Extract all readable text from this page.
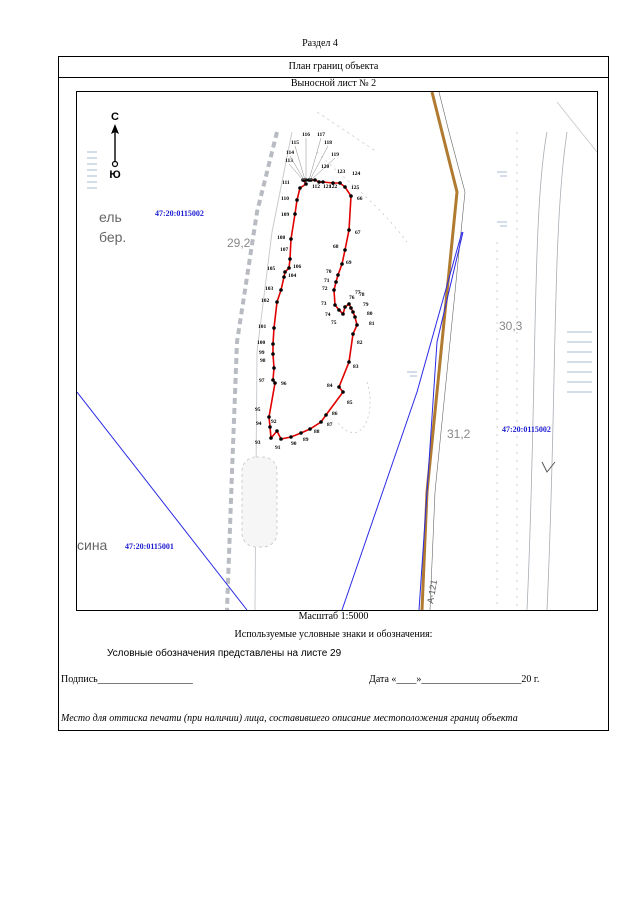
Раздел 4
План границ объекта
Выносной лист № 2
66
67
68
69
70
71
72
73
74
75
76
77
78
79
80
81
82
83
84
85
86
87
88
89
90
91
92
93
94
95
96
97
98
99
100
101
102
103
104
105	106
107
108
109
110
111
112
113
114
115
116 117
118
119
120
121
122
123 124
125
С
Ю
47:20:0115002
47:20:0115001
47:20:0115002
ель
бер.
сина
29,2
30,3
31,2
А-121
Масштаб 1:5000
Используемые условные знаки и обозначения:
Условные обозначения представлены на листе 29
Подпись___________________	Дата «____»____________________20 г.
Место для оттиска печати (при наличии) лица, составившего описание местоположения границ объекта
